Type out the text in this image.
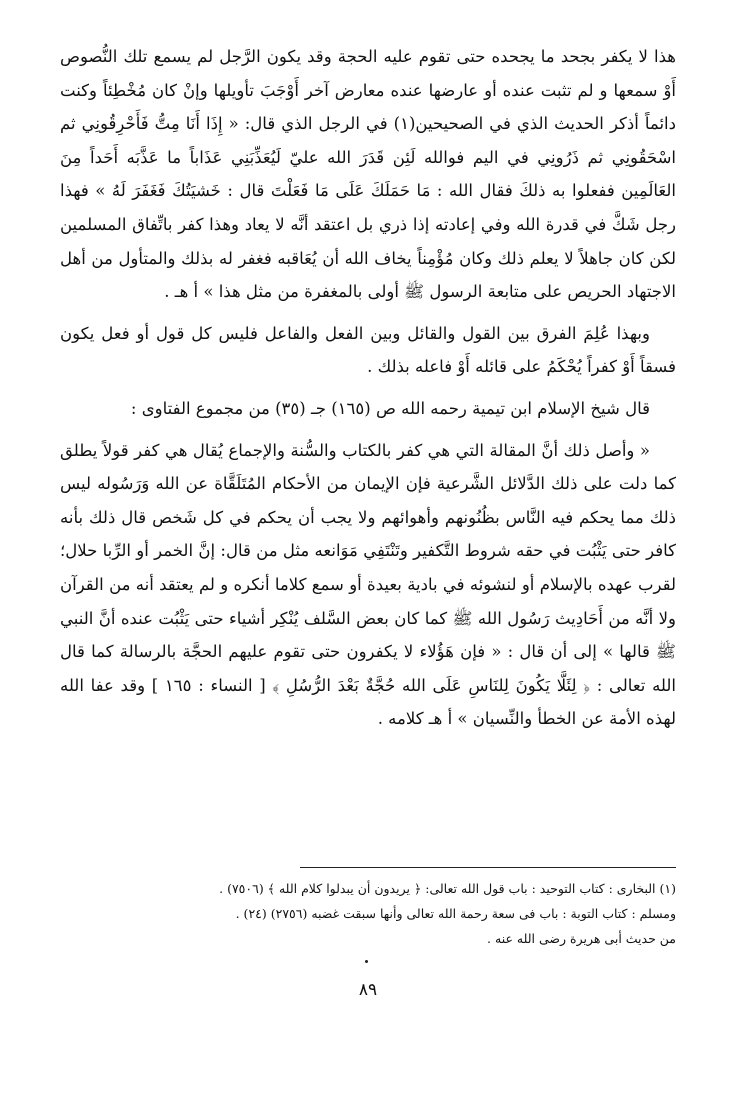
هذا لا يكفر بجحد ما يجحده حتى تقوم عليه الحجة وقد يكون الرَّجل لم يسمع تلك النُّصوص أَوْ سمعها و لم تثبت عنده أو عارضها عنده معارض آخر أَوْجَبَ تأويلها وإنْ كان مُخْطِئاً وكنت دائماً أذكر الحديث الذي في الصحيحين(١) في الرجل الذي قال: « إِذَا أَنَا مِتُّ فَأَحْرِقُونِي ثم اسْحَقُونِي ثم ذَرُونِي في اليم فوالله لَئِن قَدَرَ الله عليّ لَيُعَذِّبَنِي عَذَاباً ما عَذَّبَه أَحَداً مِنَ العَالَمِين ففعلوا به ذلكَ فقال الله : مَا حَمَلَكَ عَلَى مَا فَعَلْتَ قال : خَشيَتُكَ فَغَفَرَ لَهُ » فهذا رجل شَكَّ في قدرة الله وفي إعادته إذا ذري بل اعتقد أنَّه لا يعاد وهذا كفر باتِّفاق المسلمين لكن كان جاهلاً لا يعلم ذلك وكان مُؤْمِناً يخاف الله أن يُعَاقبه فغفر له بذلك والمتأول من أهل الاجتهاد الحريص على متابعة الرسول ﷺ أولى بالمغفرة من مثل هذا » أ هـ .

وبهذا عُلِمَ الفرق بين القول والقائل وبين الفعل والفاعل فليس كل قول أو فعل يكون فسقاً أَوْ كفراً يُحْكَمُ على قائله أَوْ فاعله بذلك .

قال شيخ الإسلام ابن تيمية رحمه الله ص (١٦٥) جـ (٣٥) من مجموع الفتاوى :

« وأصل ذلك أنَّ المقالة التي هي كفر بالكتاب والسُّنة والإجماع يُقال هي كفر قولاً يطلق كما دلت على ذلك الدَّلائل الشَّرعية فإن الإيمان من الأحكام المُتَلَقَّاة عن الله وَرَسُوله ليس ذلك مما يحكم فيه النَّاس بظُنُونهم وأهوائهم ولا يجب أن يحكم في كل شَخص قال ذلك بأنه كافر حتى يَثْبُت في حقه شروط التَّكفير وتَنْتَفِي مَوَانعه مثل من قال: إنَّ الخمر أو الرِّبا حلال؛ لقرب عهده بالإسلام أو لنشوئه في بادية بعيدة أو سمع كلاما أنكره و لم يعتقد أنه من القرآن ولا أنَّه من أَحَادِيث رَسُول الله ﷺ كما كان بعض السَّلف يُنْكِر أشياء حتى يَثْبُت عنده أنَّ النبي ﷺ قالها » إلى أن قال : « فإن هَؤُلاء لا يكفرون حتى تقوم عليهم الحجَّة بالرسالة كما قال الله تعالى : ﴿ لِئَلَّا يَكُونَ لِلنَاسِ عَلَى الله حُجَّةٌ بَعْدَ الرُّسُلِ ﴾ [ النساء : ١٦٥ ] وقد عفا الله لهذه الأمة عن الخطأ والنِّسيان » أ هـ كلامه .

(١) البخارى : كتاب التوحيد : باب قول الله تعالى: ﴿ يريدون أن يبدلوا كلام الله ﴾ (٧٥٠٦) .

ومسلم : كتاب التوبة : باب فى سعة رحمة الله تعالى وأنها سبقت غضبه (٢٧٥٦) (٢٤) .

من حديث أبى هريرة رضى الله عنه .

٨٩
